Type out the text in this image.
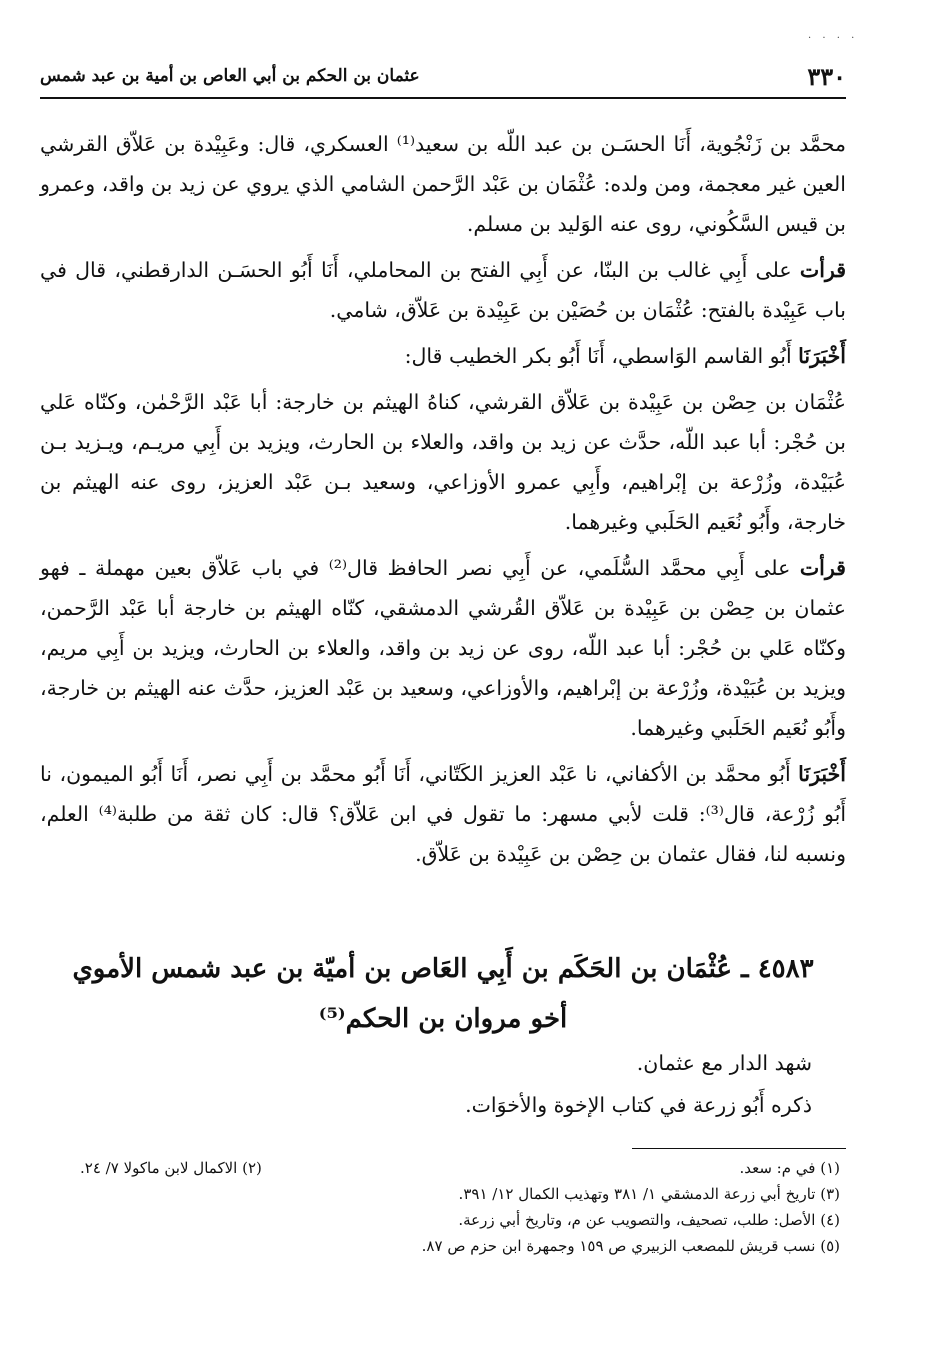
. . . .
٣٣٠
عثمان بن الحكم بن أبي العاص بن أمية بن عبد شمس

محمَّد بن زَنْجُوية، أَنَا الحسَـن بن عبد اللّه بن سعيد⁽¹⁾ العسكري، قال: وعَبِيْدة بن عَلاّق القرشي العين غير معجمة، ومن ولده: عُثْمَان بن عَبْد الرَّحمن الشامي الذي يروي عن زيد بن واقد، وعمرو بن قيس السَّكُوني، روى عنه الوَليد بن مسلم.

قرأت على أَبِي غالب بن البنّا، عن أَبِي الفتح بن المحاملي، أَنَا أَبُو الحسَـن الدارقطني، قال في باب عَبِيْدة بالفتح: عُثْمَان بن حُصَيْن بن عَبِيْدة بن عَلاّق، شامي.

أَخْبَرَنَا أَبُو القاسم الوَاسطي، أَنَا أَبُو بكر الخطيب قال:

عُثْمَان بن حِصْن بن عَبِيْدة بن عَلاّق القرشي، كناهُ الهيثم بن خارجة: أبا عَبْد الرَّحْمٰن، وكنّاه عَلي بن حُجْر: أبا عبد اللّه، حدَّث عن زيد بن واقد، والعلاء بن الحارث، ويزيد بن أَبِي مريـم، ويـزيد بـن عُبَيْدة، وزُرْعة بن إبْراهيم، وأَبِي عمرو الأوزاعي، وسعيد بـن عَبْد العزيز، روى عنه الهيثم بن خارجة، وأَبُو نُعَيم الحَلَبي وغيرهما.

قرأت على أَبِي محمَّد السُّلَمي، عن أَبِي نصر الحافظ قال⁽²⁾ في باب عَلاّق بعين مهملة ـ فهو عثمان بن حِصْن بن عَبِيْدة بن عَلاّق القُرشي الدمشقي، كنّاه الهيثم بن خارجة أبا عَبْد الرَّحمن، وكنّاه عَلي بن حُجْر: أبا عبد اللّه، روى عن زيد بن واقد، والعلاء بن الحارث، ويزيد بن أَبِي مريم، ويزيد بن عُبَيْدة، وزُرْعة بن إبْراهيم، والأوزاعي، وسعيد بن عَبْد العزيز، حدَّث عنه الهيثم بن خارجة، وأَبُو نُعَيم الحَلَبي وغيرهما.

أَخْبَرَنَا أَبُو محمَّد بن الأكفاني، نا عَبْد العزيز الكَتّاني، أَنَا أَبُو محمَّد بن أَبِي نصر، أَنَا أَبُو الميمون، نا أَبُو زُرْعة، قال⁽³⁾: قلت لأبي مسهر: ما تقول في ابن عَلاّق؟ قال: كان ثقة من طلبة⁽⁴⁾ العلم، ونسبه لنا، فقال عثمان بن حِصْن بن عَبِيْدة بن عَلاّق.

٤٥٨٣ ـ عُثْمَان بن الحَكَم بن أَبِي العَاص بن أميّة بن عبد شمس الأموي
أخو مروان بن الحكم⁽⁵⁾
شهد الدار مع عثمان.
ذكره أَبُو زرعة في كتاب الإخوة والأخوَات.
(١) في م: سعد.
(٢) الاكمال لابن ماكولا ٧/ ٢٤.
(٣) تاريخ أبي زرعة الدمشقي ١/ ٣٨١ وتهذيب الكمال ١٢/ ٣٩١.
(٤) الأصل: طلب، تصحيف، والتصويب عن م، وتاريخ أبي زرعة.
(٥) نسب قريش للمصعب الزبيري ص ١٥٩ وجمهرة ابن حزم ص ٨٧.
